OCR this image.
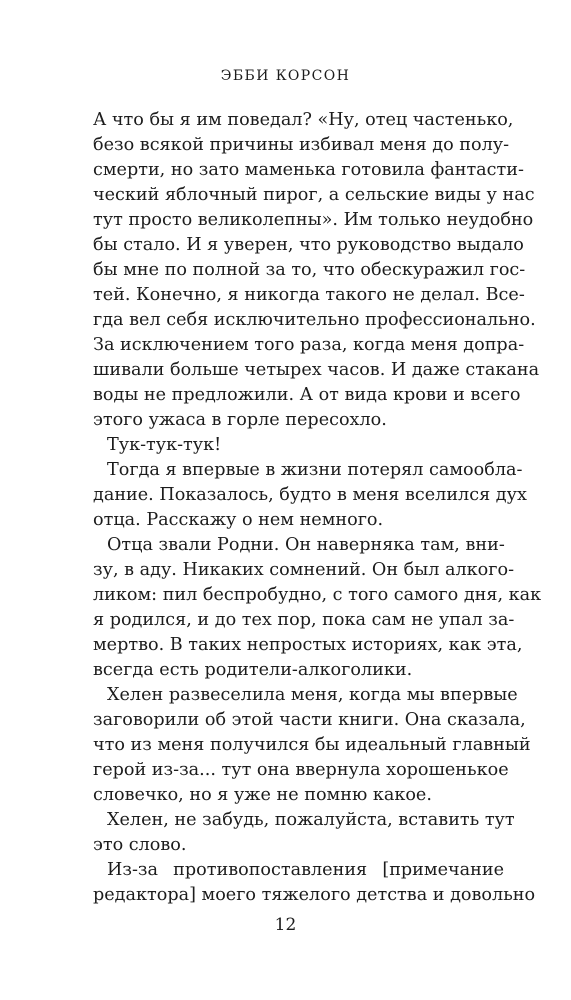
ЭББИ КОРСОН
А что бы я им поведал? «Ну, отец частенько,
безо всякой причины избивал меня до полу-
смерти, но зато маменька готовила фантасти-
ческий яблочный пирог, а сельские виды у нас
тут просто великолепны». Им только неудобно
бы стало. И я уверен, что руководство выдало
бы мне по полной за то, что обескуражил гос-
тей. Конечно, я никогда такого не делал. Все-
гда вел себя исключительно профессионально.
За исключением того раза, когда меня допра-
шивали больше четырех часов. И даже стакана
воды не предложили. А от вида крови и всего
этого ужаса в горле пересохло.
Тук-тук-тук!
Тогда я впервые в жизни потерял самообла-
дание. Показалось, будто в меня вселился дух
отца. Расскажу о нем немного.
Отца звали Родни. Он наверняка там, вни-
зу, в аду. Никаких сомнений. Он был алкого-
ликом: пил беспробудно, с того самого дня, как
я родился, и до тех пор, пока сам не упал за-
мертво. В таких непростых историях, как эта,
всегда есть родители-алкоголики.
Хелен развеселила меня, когда мы впервые
заговорили об этой части книги. Она сказала,
что из меня получился бы идеальный главный
герой из-за... тут она ввернула хорошенькое
словечко, но я уже не помню какое.
Хелен, не забудь, пожалуйста, вставить тут
это слово.
Из-за противопоставления [примечание
редактора] моего тяжелого детства и довольно
12
